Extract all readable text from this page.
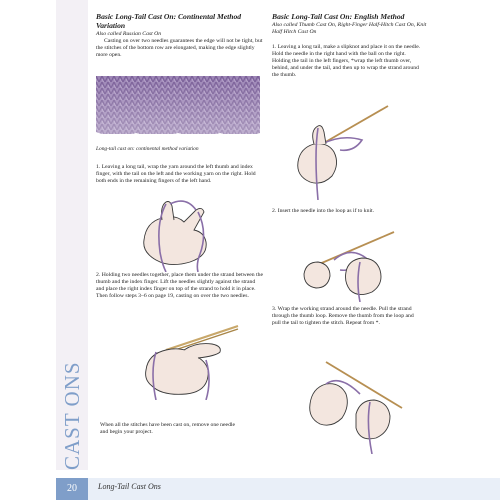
Basic Long-Tail Cast On: Continental Method Variation

Also called Russian Cast On

Casting on over two needles guarantees the edge will not be tight, but the stitches of the bottom row are elongated, making the edge slightly more open.

Long-tail cast on: continental method variation
1. Leaving a long tail, wrap the yarn around the left thumb and index finger, with the tail on the left and the working yarn on the right. Hold both ends in the remaining fingers of the left hand.
2. Holding two needles together, place them under the strand between the thumb and the index finger. Lift the needles slightly against the strand and place the right index finger on top of the strand to hold it in place. Then follow steps 3–6 on page 19, casting on over the two needles.
When all the stitches have been cast on, remove one needle and begin your project.
Basic Long-Tail Cast On: English Method

Also called Thumb Cast On, Right-Finger Half-Hitch Cast On, Knit Half Hitch Cast On

1. Leaving a long tail, make a slipknot and place it on the needle. Hold the needle in the right hand with the ball on the right. Holding the tail in the left fingers, *wrap the left thumb over, behind, and under the tail, and then up to wrap the strand around the thumb.
2. Insert the needle into the loop as if to knit.
3. Wrap the working strand around the needle. Pull the strand through the thumb loop. Remove the thumb from the loop and pull the tail to tighten the stitch. Repeat from *.
20	Long-Tail Cast Ons
